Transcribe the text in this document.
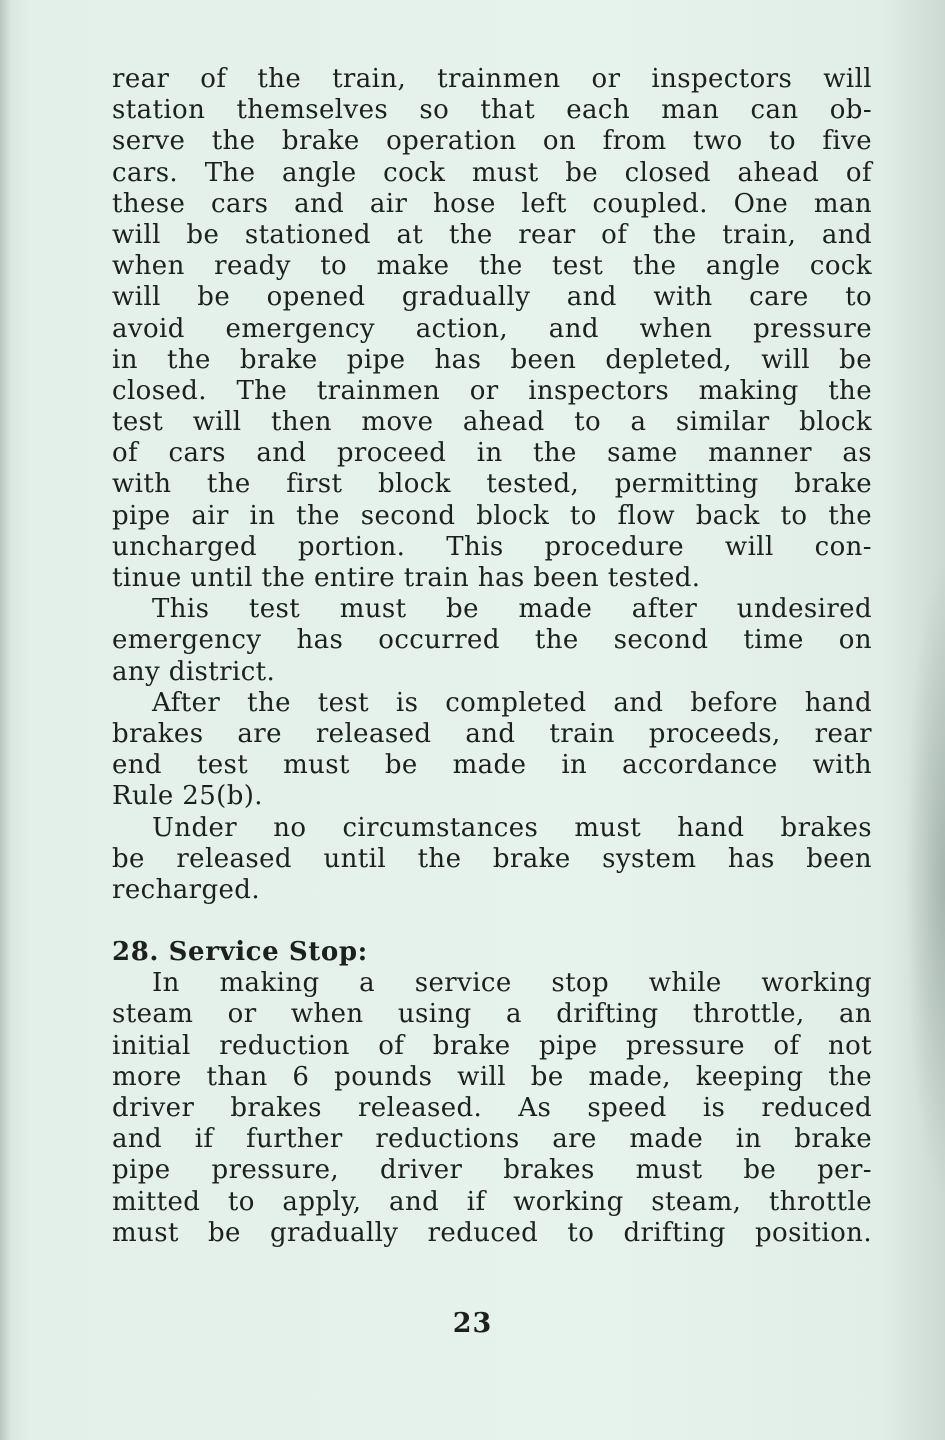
rear of the train, trainmen or inspectors will
station themselves so that each man can ob-
serve the brake operation on from two to five
cars. The angle cock must be closed ahead of
these cars and air hose left coupled. One man
will be stationed at the rear of the train, and
when ready to make the test the angle cock
will be opened gradually and with care to
avoid emergency action, and when pressure
in the brake pipe has been depleted, will be
closed. The trainmen or inspectors making the
test will then move ahead to a similar block
of cars and proceed in the same manner as
with the first block tested, permitting brake
pipe air in the second block to flow back to the
uncharged portion. This procedure will con-
tinue until the entire train has been tested.
This test must be made after undesired
emergency has occurred the second time on
any district.
After the test is completed and before hand
brakes are released and train proceeds, rear
end test must be made in accordance with
Rule 25(b).
Under no circumstances must hand brakes
be released until the brake system has been
recharged.
28. Service Stop:
In making a service stop while working
steam or when using a drifting throttle, an
initial reduction of brake pipe pressure of not
more than 6 pounds will be made, keeping the
driver brakes released. As speed is reduced
and if further reductions are made in brake
pipe pressure, driver brakes must be per-
mitted to apply, and if working steam, throttle
must be gradually reduced to drifting position.
23
